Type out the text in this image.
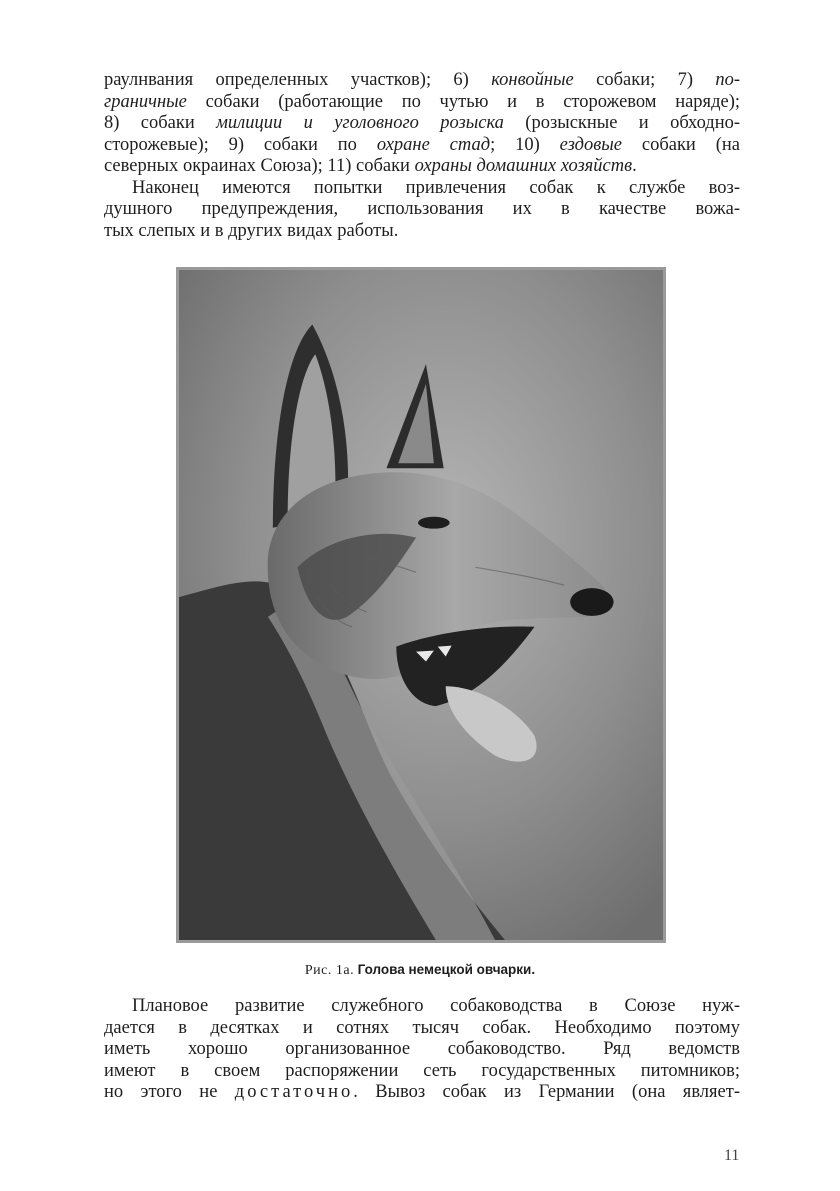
раулнвания определенных участков); 6) конвойные собаки; 7) по-
граничные собаки (работающие по чутью и в сторожевом наряде);
8) собаки милиции и уголовного розыска (розыскные и обходно-
сторожевые); 9) собаки по охране стад; 10) ездовые собаки (на
северных окраинах Союза); 11) собаки охраны домашних хозяйств.

Наконец имеются попытки привлечения собак к службе воз-
душного предупреждения, использования их в качестве вожа-
тых слепых и в других видах работы.

Рис. 1а. Голова немецкой овчарки.

Плановое развитие служебного собаководства в Союзе нуж-
дается в десятках и сотнях тысяч собак. Необходимо поэтому
иметь хорошо организованное собаководство. Ряд ведомств
имеют в своем распоряжении сеть государственных питомников;
но этого не достаточно. Вывоз собак из Германии (она являет-

11
